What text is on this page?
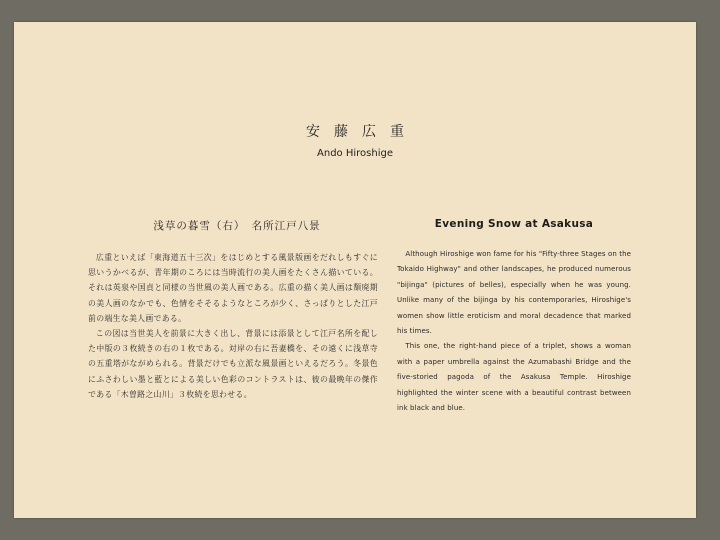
安藤広重
Ando Hiroshige
浅草の暮雪（右）　名所江戸八景

広重といえば「東海道五十三次」をはじめとする風景版画をだれしもすぐに思いうかべるが、青年期のころには当時流行の美人画をたくさん描いている。それは英泉や国貞と同様の当世風の美人画である。広重の描く美人画は頽廃期の美人画のなかでも、色情をそそるようなところが少く、さっぱりとした江戸前の端生な美人画である。

この図は当世美人を前景に大きく出し、背景には添景として江戸名所を配した中版の３枚続きの右の１枚である。対岸の右に吾妻橋を、その遠くに浅草寺の五重塔がながめられる。背景だけでも立派な風景画といえるだろう。冬景色にふさわしい墨と藍とによる美しい色彩のコントラストは、彼の最晩年の傑作である「木曽路之山川」３枚続を思わせる。

Evening Snow at Asakusa

Although Hiroshige won fame for his "Fifty-three Stages on the Tokaido Highway" and other landscapes, he produced numerous "bijinga" (pictures of belles), especially when he was young. Unlike many of the bijinga by his contemporaries, Hiroshige's women show little eroticism and moral decadence that marked his times.

This one, the right-hand piece of a triplet, shows a woman with a paper umbrella against the Azumabashi Bridge and the five-storied pagoda of the Asakusa Temple. Hiroshige highlighted the winter scene with a beautiful contrast between ink black and blue.
